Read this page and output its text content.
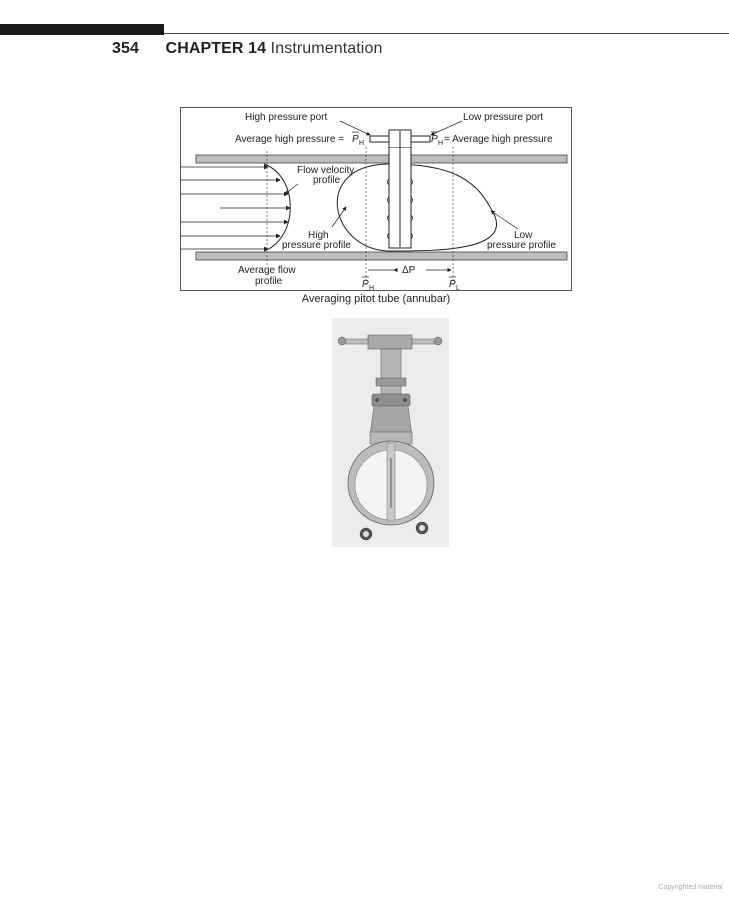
354 CHAPTER 14 Instrumentation
High pressure port	Low pressure port
Average high pressure = P H	P H = Average high pressure
Flow velocity
profile
High
pressure profile
Low
pressure profile
Average flow
profile
ΔP
P H	P L
Averaging pitot tube (annubar)
Copyrighted material
